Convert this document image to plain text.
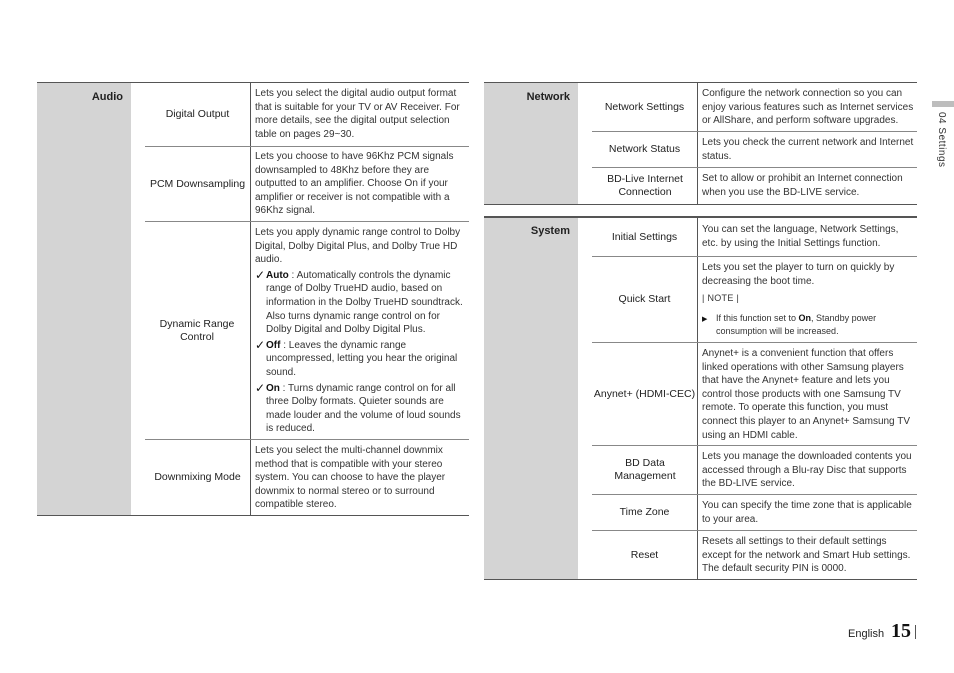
Audio
Digital Output
Lets you select the digital audio output format that is suitable for your TV or AV Receiver. For more details, see the digital output selection table on pages 29~30.
PCM Downsampling
Lets you choose to have 96Khz PCM signals downsampled to 48Khz before they are outputted to an amplifier. Choose On if your amplifier or receiver is not compatible with a 96Khz signal.
Dynamic Range Control

Lets you apply dynamic range control to Dolby Digital, Dolby Digital Plus, and Dolby True HD audio.

✓ Auto : Automatically controls the dynamic range of Dolby TrueHD audio, based on information in the Dolby TrueHD soundtrack. Also turns dynamic range control on for Dolby Digital and Dolby Digital Plus.
✓ Off : Leaves the dynamic range uncompressed, letting you hear the original sound.
✓ On : Turns dynamic range control on for all three Dolby formats. Quieter sounds are made louder and the volume of loud sounds is reduced.
Downmixing Mode
Lets you select the multi-channel downmix method that is compatible with your stereo system. You can choose to have the player downmix to normal stereo or to surround compatible stereo.
Network
Network Settings
Configure the network connection so you can enjoy various features such as Internet services or AllShare, and perform software upgrades.
Network Status
Lets you check the current network and Internet status.
BD-Live Internet Connection
Set to allow or prohibit an Internet connection when you use the BD-LIVE service.
System	Initial Settings
You can set the language, Network Settings, etc. by using the Initial Settings function.
Quick Start

Lets you set the player to turn on quickly by decreasing the boot time.

| NOTE |
▶ If this function set to On, Standby power consumption will be increased.
Anynet+ (HDMI-CEC)
Anynet+ is a convenient function that offers linked operations with other Samsung players that have the Anynet+ feature and lets you control those products with one Samsung TV remote. To operate this function, you must connect this player to an Anynet+ Samsung TV using an HDMI cable.
BD Data Management
Lets you manage the downloaded contents you accessed through a Blu-ray Disc that supports the BD-LIVE service.
Time Zone
You can specify the time zone that is applicable to your area.
Reset

Resets all settings to their default settings except for the network and Smart Hub settings.

The default security PIN is 0000.

04 Settings
English 15
